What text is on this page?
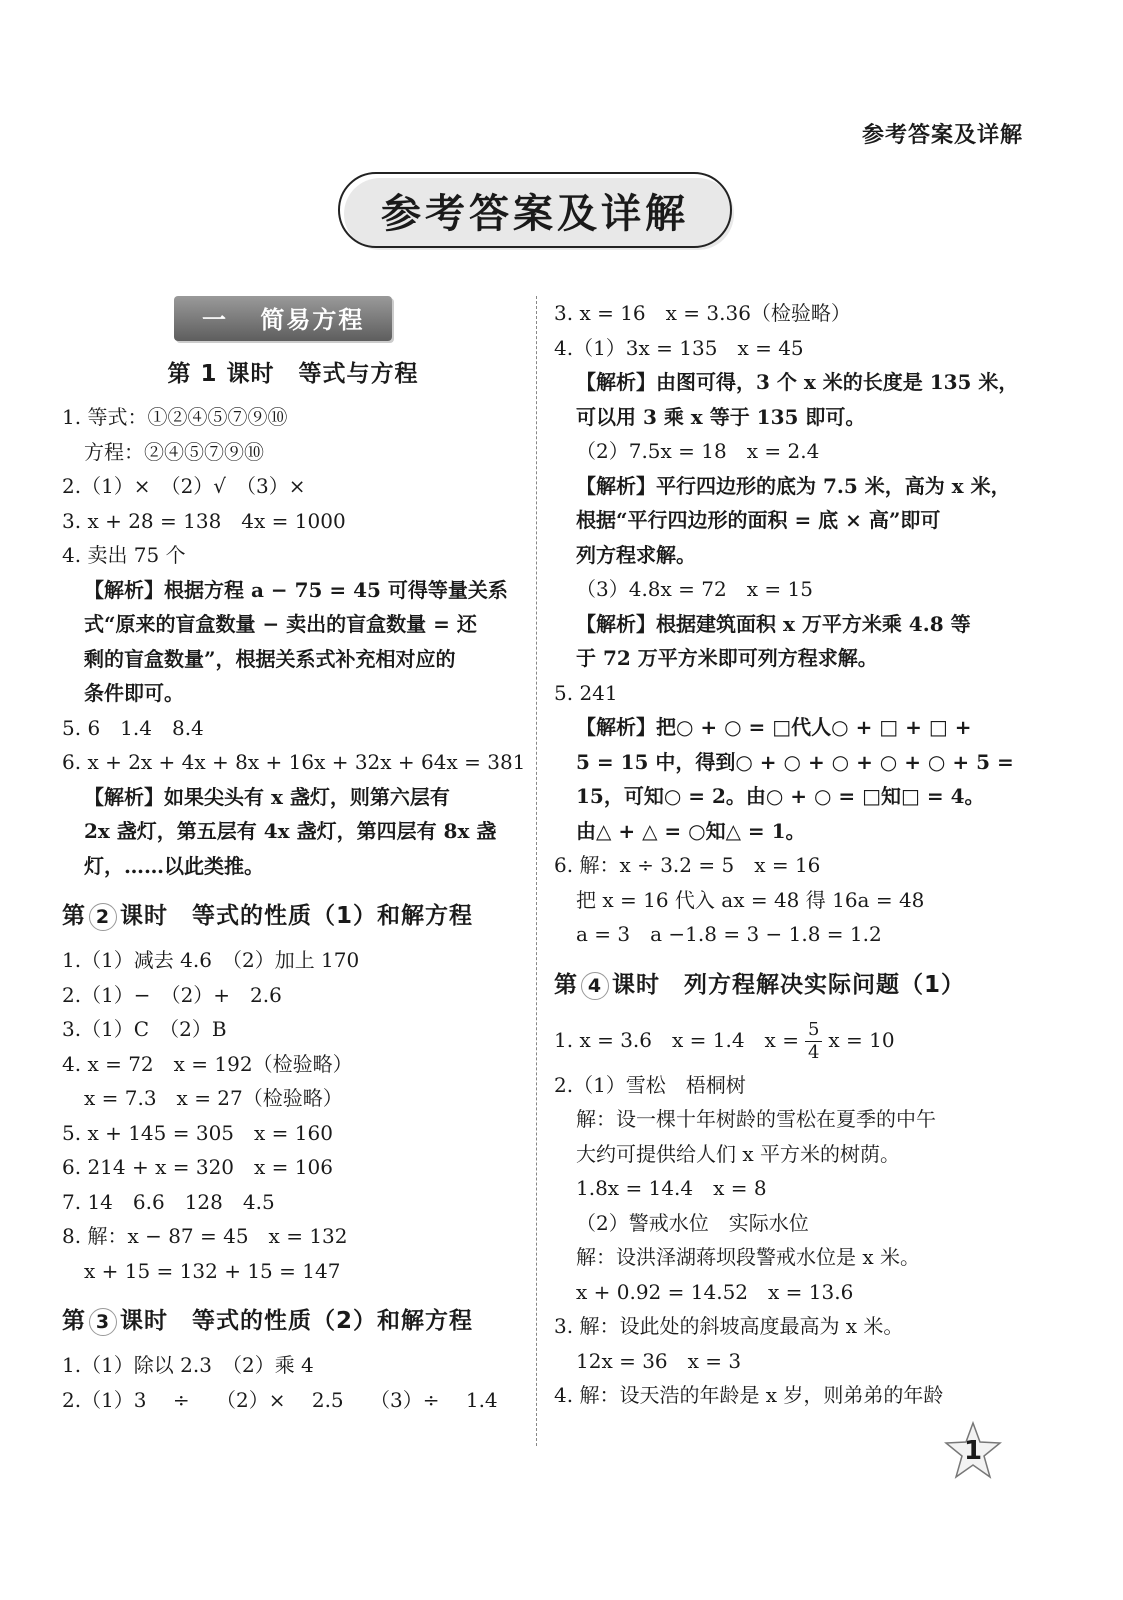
参考答案及详解
参考答案及详解
一 简易方程
第 1 课时　等式与方程
1. 等式：①②④⑤⑦⑨⑩
方程：②④⑤⑦⑨⑩
2.（1）×　（2）√　（3）×
3. x + 28 = 138　4x = 1000
4. 卖出 75 个
【解析】根据方程 a − 75 = 45 可得等量关系
式“原来的盲盒数量 − 卖出的盲盒数量 = 还
剩的盲盒数量”，根据关系式补充相对应的
条件即可。
5. 6　1.4　8.4
6. x + 2x + 4x + 8x + 16x + 32x + 64x = 381
【解析】如果尖头有 x 盏灯，则第六层有
2x 盏灯，第五层有 4x 盏灯，第四层有 8x 盏
灯，……以此类推。
第 2 课时　等式的性质（1）和解方程
1.（1）减去 4.6　（2）加上 170
2.（1）−　（2）+　2.6
3.（1）C　（2）B
4. x = 72　x = 192（检验略）
x = 7.3　x = 27（检验略）
5. x + 145 = 305　x = 160
6. 214 + x = 320　x = 106
7. 14　6.6　128　4.5
8. 解：x − 87 = 45　x = 132
x + 15 = 132 + 15 = 147
第 3 课时　等式的性质（2）和解方程
1.（1）除以 2.3　（2）乘 4
2.（1）3　 ÷　 （2）×　 2.5　 （3）÷　 1.4
3. x = 16　x = 3.36（检验略）
4.（1）3x = 135　x = 45
【解析】由图可得，3 个 x 米的长度是 135 米，
可以用 3 乘 x 等于 135 即可。
（2）7.5x = 18　x = 2.4
【解析】平行四边形的底为 7.5 米，高为 x 米，
根据“平行四边形的面积 = 底 × 高”即可
列方程求解。
（3）4.8x = 72　x = 15
【解析】根据建筑面积 x 万平方米乘 4.8 等
于 72 万平方米即可列方程求解。
5. 241
【解析】把○ + ○ = □代人○ + □ + □ +
5 = 15 中，得到○ + ○ + ○ + ○ + ○ + 5 =
15，可知○ = 2。由○ + ○ = □知□ = 4。
由△ + △ = ○知△ = 1。
6. 解：x ÷ 3.2 = 5　x = 16
把 x = 16 代入 ax = 48 得 16a = 48
a = 3　a −1.8 = 3 − 1.8 = 1.2
第 4 课时　列方程解决实际问题（1）
1. x = 3.6　x = 1.4　$x = \frac{5}{4}$ x = 10
2.（1）雪松　梧桐树
解：设一棵十年树龄的雪松在夏季的中午
大约可提供给人们 x 平方米的树荫。
1.8x = 14.4　x = 8
（2）警戒水位　实际水位
解：设洪泽湖蒋坝段警戒水位是 x 米。
x + 0.92 = 14.52　x = 13.6
3. 解：设此处的斜坡高度最高为 x 米。
12x = 36　x = 3
4. 解：设天浩的年龄是 x 岁，则弟弟的年龄
1
